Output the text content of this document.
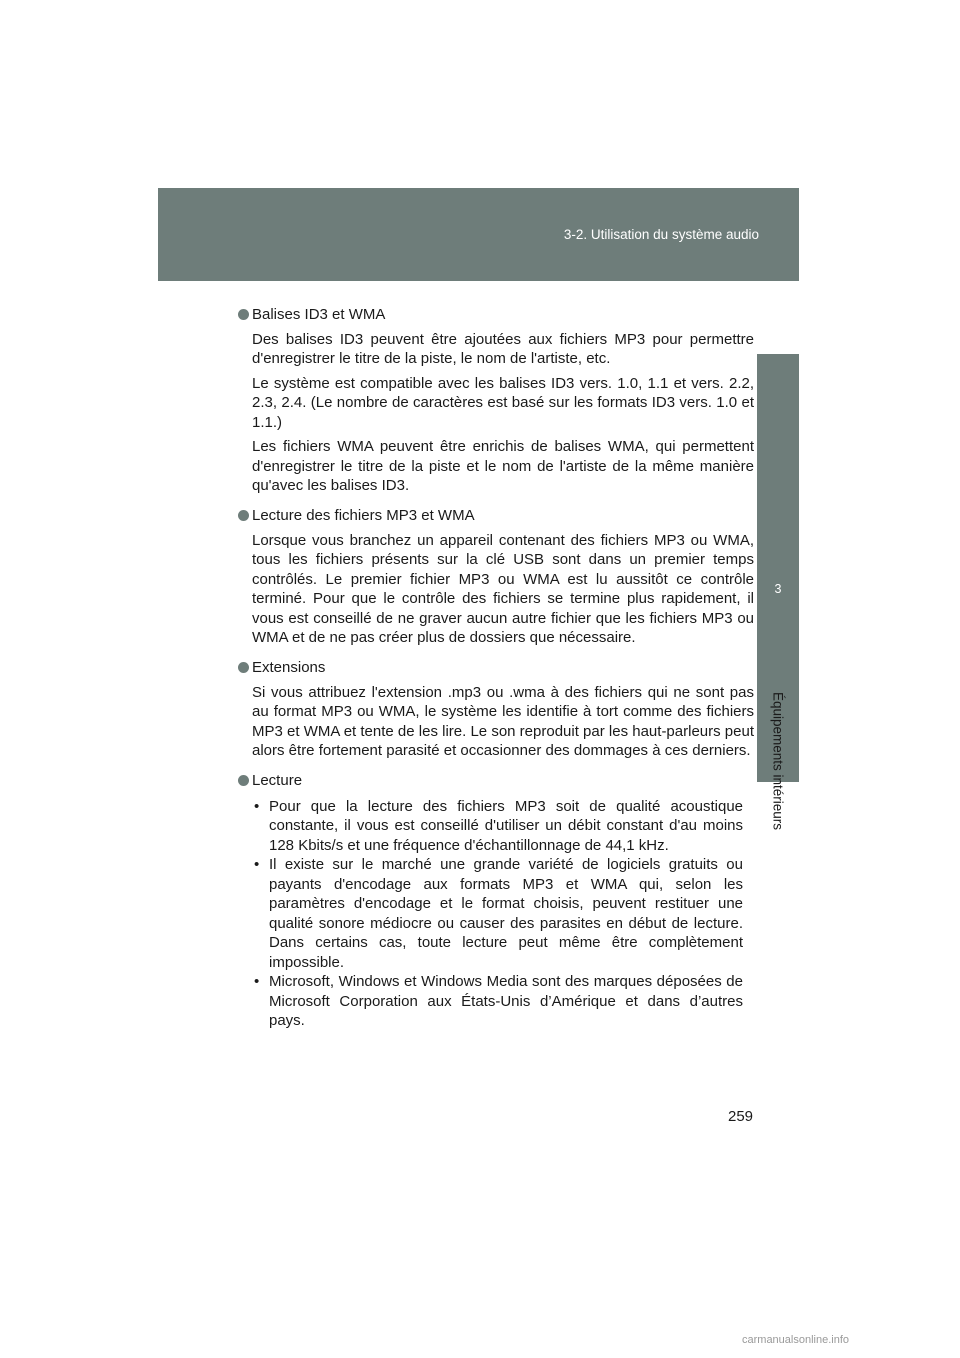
3-2. Utilisation du système audio
3
Équipements intérieurs
Balises ID3 et WMA

Des balises ID3 peuvent être ajoutées aux fichiers MP3 pour permettre d'enregistrer le titre de la piste, le nom de l'artiste, etc.

Le système est compatible avec les balises ID3 vers. 1.0, 1.1 et vers. 2.2, 2.3, 2.4. (Le nombre de caractères est basé sur les formats ID3 vers. 1.0 et 1.1.)

Les fichiers WMA peuvent être enrichis de balises WMA, qui permettent d'enregistrer le titre de la piste et le nom de l'artiste de la même manière qu'avec les balises ID3.

Lecture des fichiers MP3 et WMA

Lorsque vous branchez un appareil contenant des fichiers MP3 ou WMA, tous les fichiers présents sur la clé USB sont dans un premier temps contrôlés. Le premier fichier MP3 ou WMA est lu aussitôt ce contrôle terminé. Pour que le contrôle des fichiers se termine plus rapidement, il vous est conseillé de ne graver aucun autre fichier que les fichiers MP3 ou WMA et de ne pas créer plus de dossiers que nécessaire.

Extensions

Si vous attribuez l'extension .mp3 ou .wma à des fichiers qui ne sont pas au format MP3 ou WMA, le système les identifie à tort comme des fichiers MP3 et WMA et tente de les lire. Le son reproduit par les haut-parleurs peut alors être fortement parasité et occasionner des dommages à ces derniers.

Lecture

• Pour que la lecture des fichiers MP3 soit de qualité acoustique constante, il vous est conseillé d'utiliser un débit constant d'au moins 128 Kbits/s et une fréquence d'échantillonnage de 44,1 kHz.

• Il existe sur le marché une grande variété de logiciels gratuits ou payants d'encodage aux formats MP3 et WMA qui, selon les paramètres d'encodage et le format choisis, peuvent restituer une qualité sonore médiocre ou causer des parasites en début de lecture. Dans certains cas, toute lecture peut même être complètement impossible.

• Microsoft, Windows et Windows Media sont des marques déposées de Microsoft Corporation aux États-Unis d’Amérique et dans d’autres pays.

259
carmanualsonline.info
